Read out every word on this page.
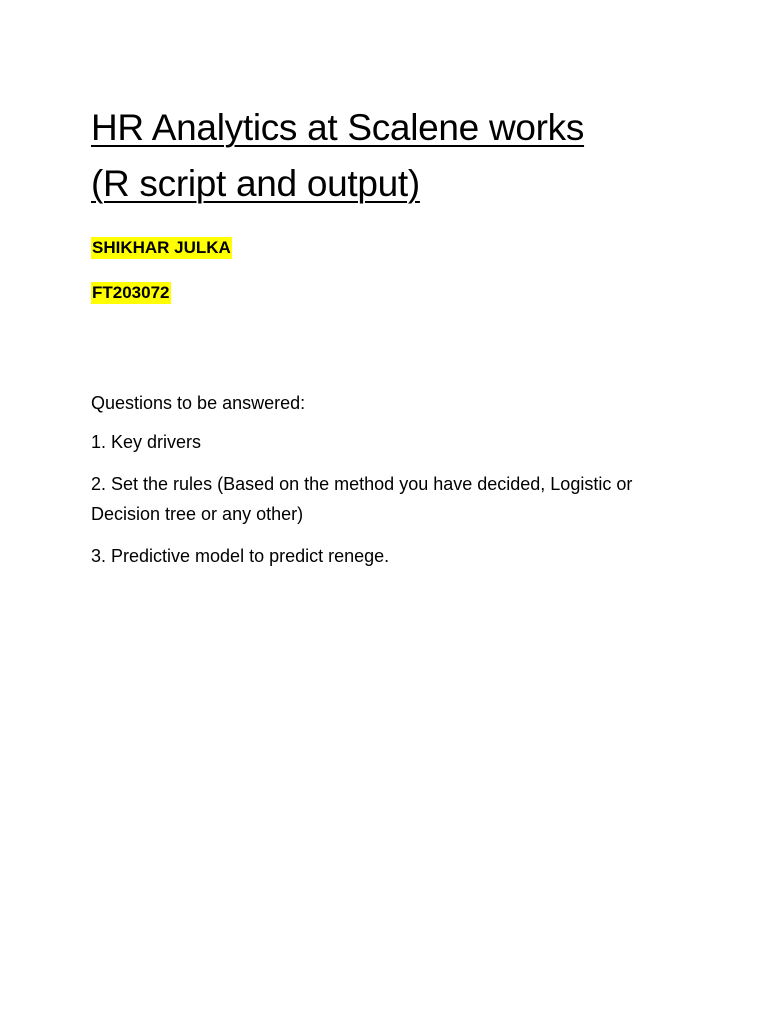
HR Analytics at Scalene works
(R script and output)

SHIKHAR JULKA

FT203072

Questions to be answered:

1. Key drivers

2. Set the rules (Based on the method you have decided, Logistic or Decision tree or any other)

3. Predictive model to predict renege.
